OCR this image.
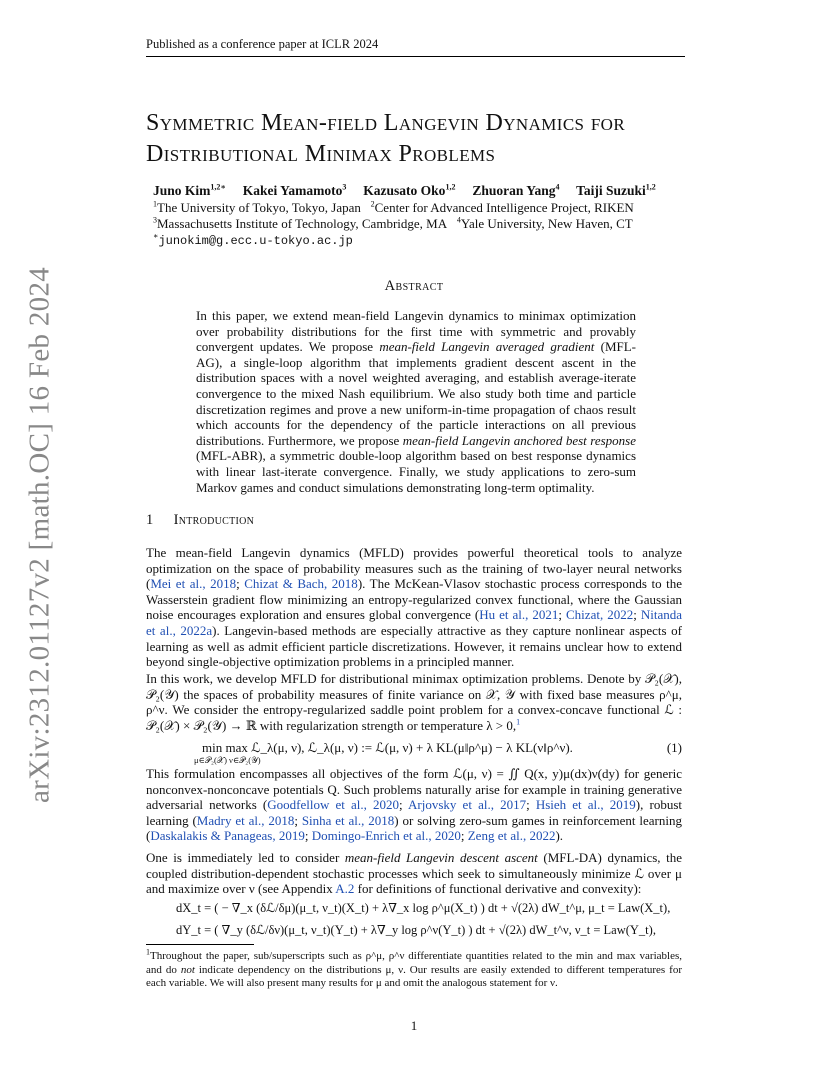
Published as a conference paper at ICLR 2024
arXiv:2312.01127v2 [math.OC] 16 Feb 2024
Symmetric Mean-field Langevin Dynamics for
Distributional Minimax Problems
Juno Kim$^{1,2∗}$ Kakei Yamamoto$^3$ Kazusato Oko$^{1,2}$ Zhuoran Yang$^4$ Taiji Suzuki$^{1,2}$
$^1$The University of Tokyo, Tokyo, Japan $^2$Center for Advanced Intelligence Project, RIKEN
$^3$Massachusetts Institute of Technology, Cambridge, MA $^4$Yale University, New Haven, CT
∗junokim@g.ecc.u-tokyo.ac.jp
Abstract
In this paper, we extend mean-field Langevin dynamics to minimax optimization over probability distributions for the first time with symmetric and provably convergent updates. We propose mean-field Langevin averaged gradient (MFL-AG), a single-loop algorithm that implements gradient descent ascent in the distribution spaces with a novel weighted averaging, and establish average-iterate convergence to the mixed Nash equilibrium. We also study both time and particle discretization regimes and prove a new uniform-in-time propagation of chaos result which accounts for the dependency of the particle interactions on all previous distributions. Furthermore, we propose mean-field Langevin anchored best response (MFL-ABR), a symmetric double-loop algorithm based on best response dynamics with linear last-iterate convergence. Finally, we study applications to zero-sum Markov games and conduct simulations demonstrating long-term optimality.
1 Introduction
The mean-field Langevin dynamics (MFLD) provides powerful theoretical tools to analyze optimization on the space of probability measures such as the training of two-layer neural networks (Mei et al., 2018; Chizat & Bach, 2018). The McKean-Vlasov stochastic process corresponds to the Wasserstein gradient flow minimizing an entropy-regularized convex functional, where the Gaussian noise encourages exploration and ensures global convergence (Hu et al., 2021; Chizat, 2022; Nitanda et al., 2022a). Langevin-based methods are especially attractive as they capture nonlinear aspects of learning as well as admit efficient particle discretizations. However, it remains unclear how to extend beyond single-objective optimization problems in a principled manner.
In this work, we develop MFLD for distributional minimax optimization problems. Denote by 𝒫₂(𝒳), 𝒫₂(𝒴) the spaces of probability measures of finite variance on 𝒳, 𝒴 with fixed base measures ρ^μ, ρ^ν. We consider the entropy-regularized saddle point problem for a convex-concave functional ℒ : 𝒫₂(𝒳) × 𝒫₂(𝒴) → ℝ with regularization strength or temperature λ > 0,$^1$
min max ℒ_λ(μ, ν), ℒ_λ(μ, ν) := ℒ(μ, ν) + λ KL(μ‖ρ^μ) − λ KL(ν‖ρ^ν).
μ∈𝒫₂(𝒳) ν∈𝒫₂(𝒴)
(1)
This formulation encompasses all objectives of the form ℒ(μ, ν) = ∬ Q(x, y)μ(dx)ν(dy) for generic nonconvex-nonconcave potentials Q. Such problems naturally arise for example in training generative adversarial networks (Goodfellow et al., 2020; Arjovsky et al., 2017; Hsieh et al., 2019), robust learning (Madry et al., 2018; Sinha et al., 2018) or solving zero-sum games in reinforcement learning (Daskalakis & Panageas, 2019; Domingo-Enrich et al., 2020; Zeng et al., 2022).
One is immediately led to consider mean-field Langevin descent ascent (MFL-DA) dynamics, the coupled distribution-dependent stochastic processes which seek to simultaneously minimize ℒ over μ and maximize over ν (see Appendix A.2 for definitions of functional derivative and convexity):
dX_t = ( − ∇_x (δℒ/δμ)(μ_t, ν_t)(X_t) + λ∇_x log ρ^μ(X_t) ) dt + √(2λ) dW_t^μ, μ_t = Law(X_t),
dY_t = ( ∇_y (δℒ/δν)(μ_t, ν_t)(Y_t) + λ∇_y log ρ^ν(Y_t) ) dt + √(2λ) dW_t^ν, ν_t = Law(Y_t),
$^1$Throughout the paper, sub/superscripts such as ρ^μ, ρ^ν differentiate quantities related to the min and max variables, and do not indicate dependency on the distributions μ, ν. Our results are easily extended to different temperatures for each variable. We will also present many results for μ and omit the analogous statement for ν.
1
